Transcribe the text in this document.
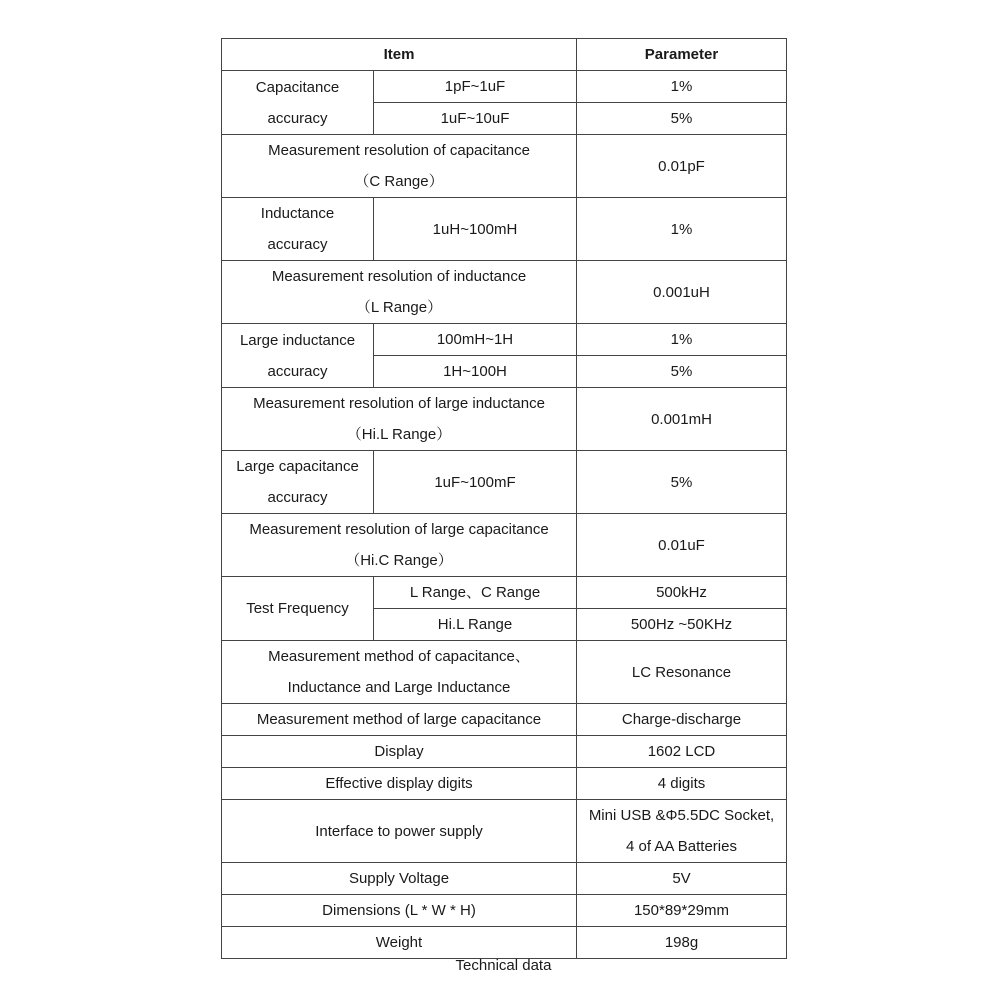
Item		Parameter

Capacitance
accuracy	1pF~1uF	1%
	1uF~10uF	5%

Measurement resolution of capacitance
（C Range）		0.01pF

Inductance
accuracy	1uH~100mH	1%

Measurement resolution of inductance
（L Range）		0.001uH

Large inductance
accuracy	100mH~1H	1%
	1H~100H	5%

Measurement resolution of large inductance
（Hi.L Range）		0.001mH

Large capacitance
accuracy	1uF~100mF	5%

Measurement resolution of large capacitance
（Hi.C Range）		0.01uF
Test Frequency	L Range、C Range	500kHz
	Hi.L Range	500Hz ~50KHz

Measurement method of capacitance、
Inductance and Large Inductance		LC Resonance
Measurement method of large capacitance		Charge-discharge
Display		1602 LCD
Effective display digits		4 digits
Interface to power supply		Mini USB &Φ5.5DC Socket,
4 of AA Batteries

Supply Voltage		5V
Dimensions (L * W * H)		150*89*29mm
Weight		198g
Technical data
